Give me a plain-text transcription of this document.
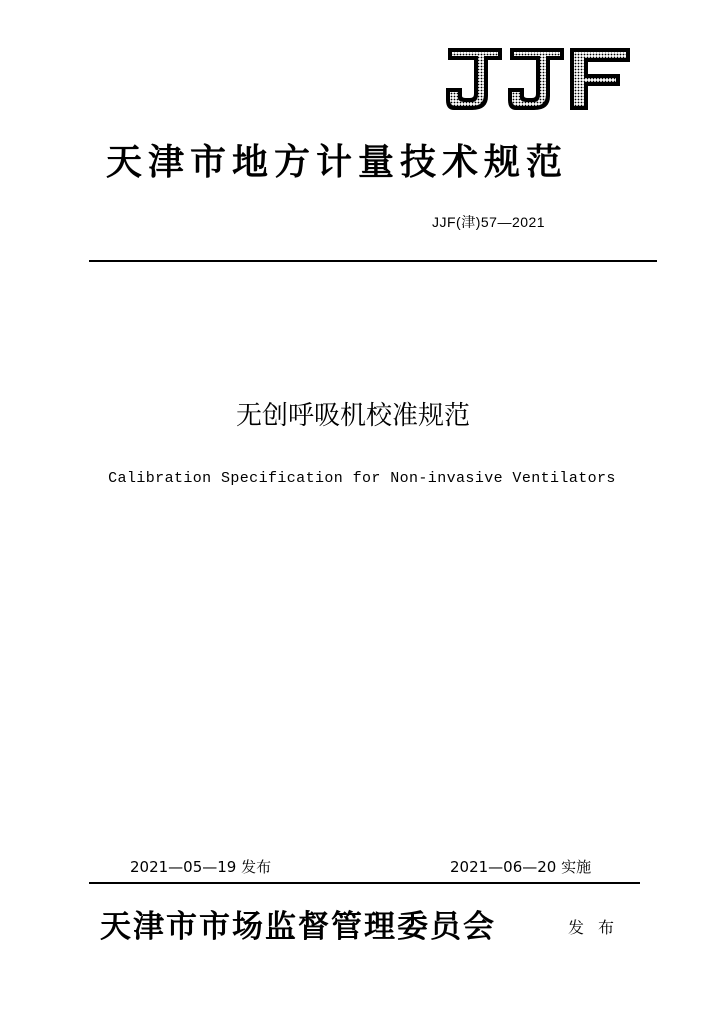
天津市地方计量技术规范
JJF(津)57—2021
无创呼吸机校准规范
Calibration Specification for Non-invasive Ventilators
2021—05—19 发布	2021—06—20 实施
天津市市场监督管理委员会	发布
